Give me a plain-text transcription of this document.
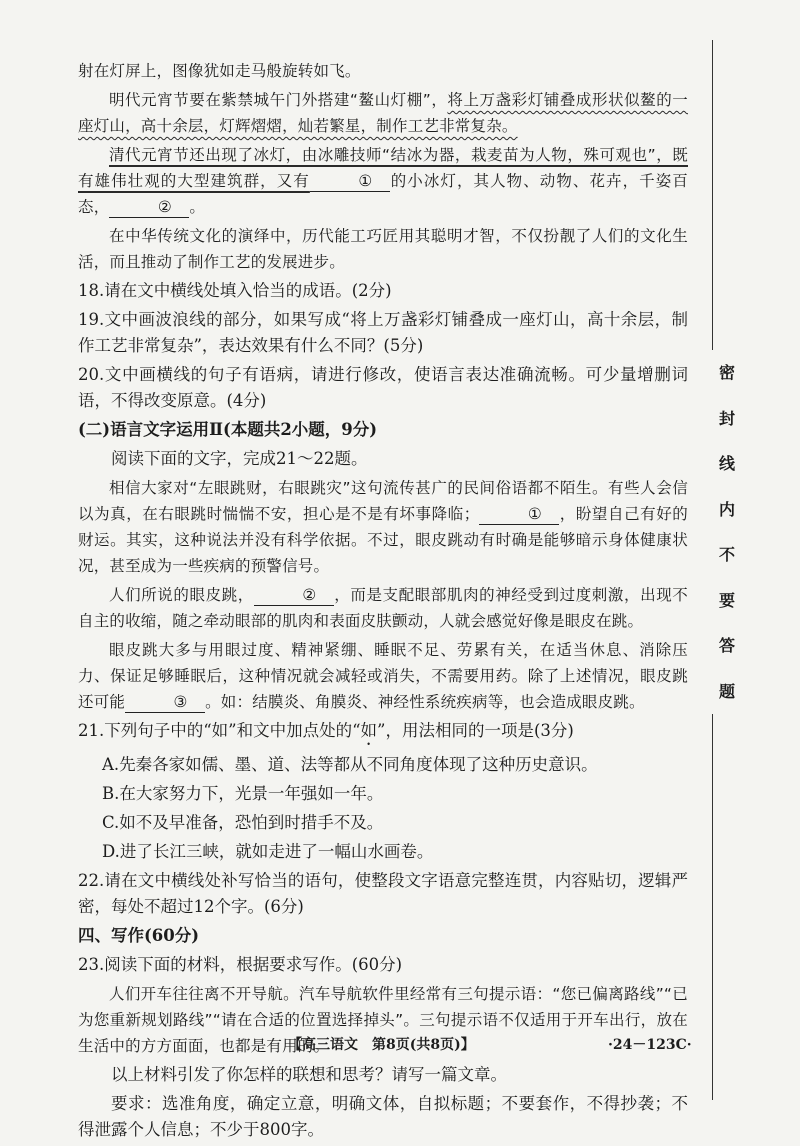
射在灯屏上，图像犹如走马般旋转如飞。

明代元宵节要在紫禁城午门外搭建“鳌山灯棚”，将上万盏彩灯铺叠成形状似鳌的一座灯山，高十余层，灯辉熠熠，灿若繁星，制作工艺非常复杂。

清代元宵节还出现了冰灯，由冰雕技师“结冰为器，栽麦苗为人物，殊可观也”，既有雄伟壮观的大型建筑群，又有	① 的小冰灯，其人物、动物、花卉，千姿百态，	② 。

在中华传统文化的演绎中，历代能工巧匠用其聪明才智，不仅扮靓了人们的文化生活，而且推动了制作工艺的发展进步。

18.请在文中横线处填入恰当的成语。(2分)

19.文中画波浪线的部分，如果写成“将上万盏彩灯铺叠成一座灯山，高十余层，制作工艺非常复杂”，表达效果有什么不同？(5分)

20.文中画横线的句子有语病，请进行修改，使语言表达准确流畅。可少量增删词语，不得改变原意。(4分)

(二)语言文字运用Ⅱ(本题共2小题，9分)

阅读下面的文字，完成21～22题。

相信大家对“左眼跳财，右眼跳灾”这句流传甚广的民间俗语都不陌生。有些人会信以为真，在右眼跳时惴惴不安，担心是不是有坏事降临；	① ，盼望自己有好的财运。其实，这种说法并没有科学依据。不过，眼皮跳动有时确是能够暗示身体健康状况，甚至成为一些疾病的预警信号。

人们所说的眼皮跳，	② ，而是支配眼部肌肉的神经受到过度刺激，出现不自主的收缩，随之牵动眼部的肌肉和表面皮肤颤动，人就会感觉好像是眼皮在跳。

眼皮跳大多与用眼过度、精神紧绷、睡眠不足、劳累有关，在适当休息、消除压力、保证足够睡眠后，这种情况就会减轻或消失，不需要用药。除了上述情况，眼皮跳还可能	③ 。如：结膜炎、角膜炎、神经性系统疾病等，也会造成眼皮跳。

21.下列句子中的“如”和文中加点处的“如”，用法相同的一项是(3分)

A.先秦各家如儒、墨、道、法等都从不同角度体现了这种历史意识。

B.在大家努力下，光景一年强如一年。

C.如不及早准备，恐怕到时措手不及。

D.进了长江三峡，就如走进了一幅山水画卷。

22.请在文中横线处补写恰当的语句，使整段文字语意完整连贯，内容贴切，逻辑严密，每处不超过12个字。(6分)

四、写作(60分)

23.阅读下面的材料，根据要求写作。(60分)

人们开车往往离不开导航。汽车导航软件里经常有三句提示语：“您已偏离路线”“已为您重新规划路线”“请在合适的位置选择掉头”。三句提示语不仅适用于开车出行，放在生活中的方方面面，也都是有用的。

以上材料引发了你怎样的联想和思考？请写一篇文章。

要求：选准角度，确定立意，明确文体，自拟标题；不要套作，不得抄袭；不得泄露个人信息；不少于800字。

密
封
线
内
不
要
答
题
【高三语文　第8页(共8页)】	·24－123C·
